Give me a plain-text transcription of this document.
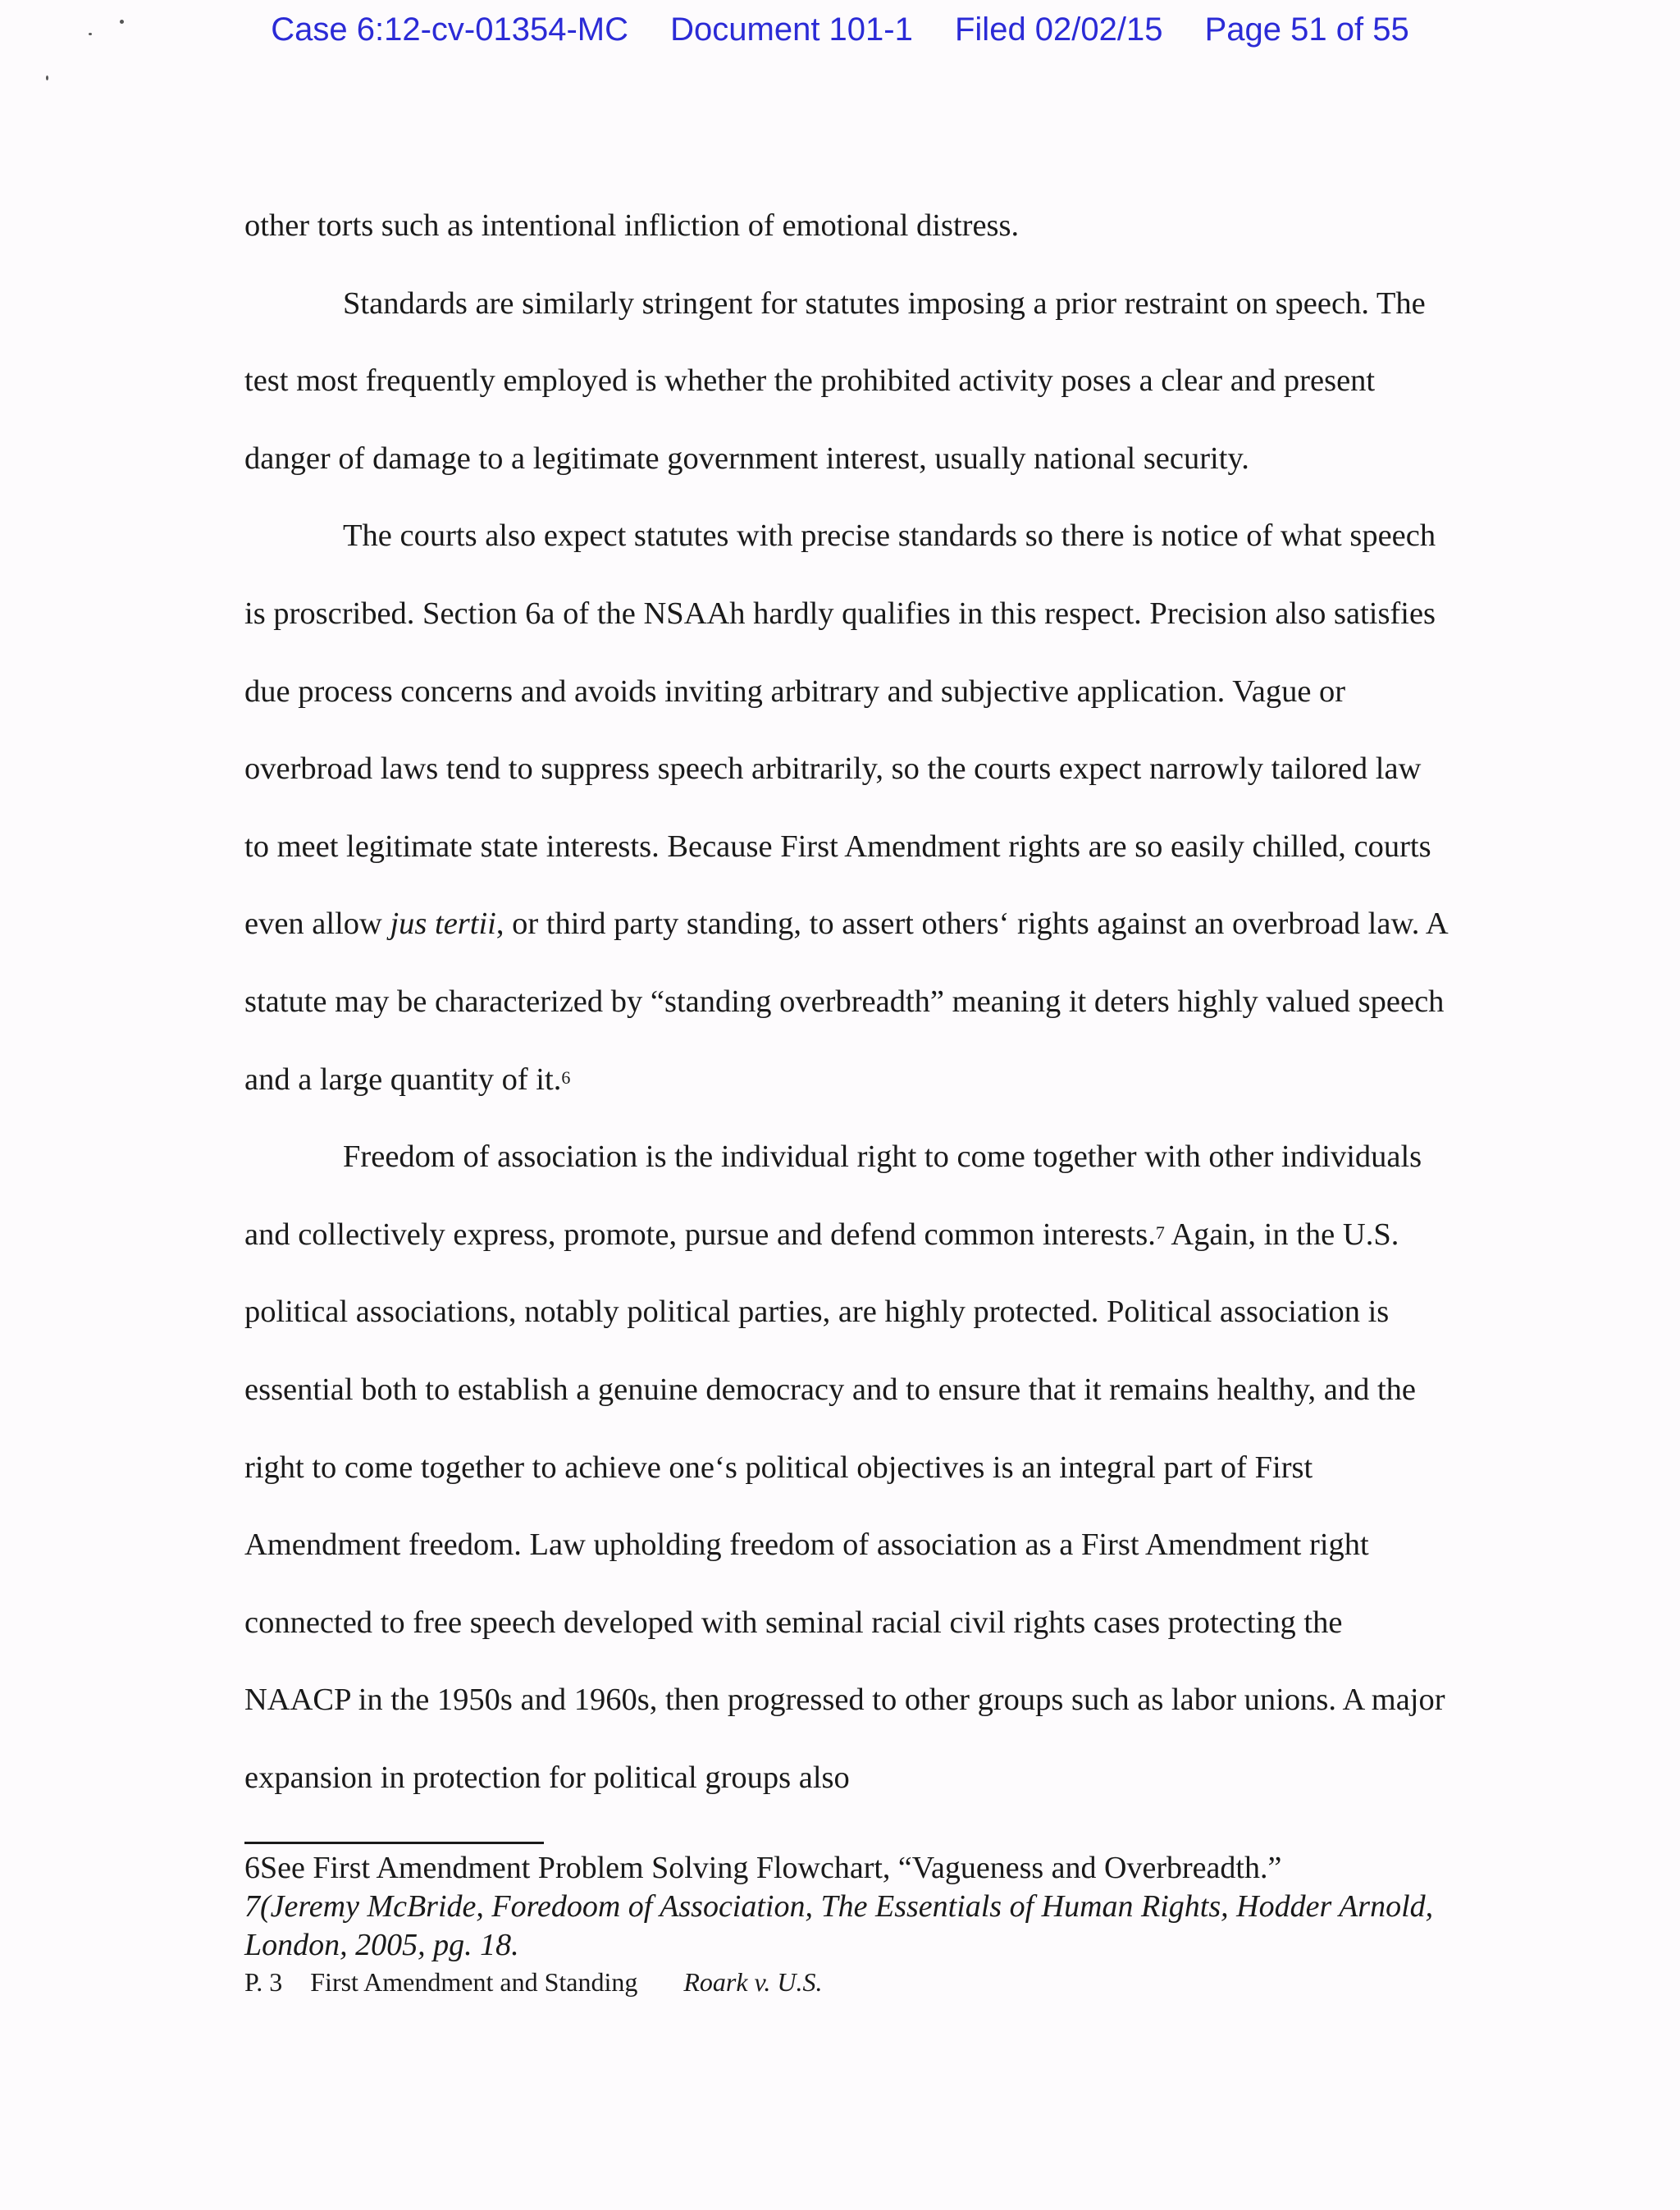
Case 6:12-cv-01354-MC Document 101-1 Filed 02/02/15 Page 51 of 55

other torts such as intentional infliction of emotional distress.

Standards are similarly stringent for statutes imposing a prior restraint on speech. The test most frequently employed is whether the prohibited activity poses a clear and present danger of damage to a legitimate government interest, usually national security.

The courts also expect statutes with precise standards so there is notice of what speech is proscribed. Section 6a of the NSAAh hardly qualifies in this respect. Precision also satisfies due process concerns and avoids inviting arbitrary and subjective application. Vague or overbroad laws tend to suppress speech arbitrarily, so the courts expect narrowly tailored law to meet legitimate state interests. Because First Amendment rights are so easily chilled, courts even allow jus tertii, or third party standing, to assert others‘ rights against an overbroad law. A statute may be characterized by “standing overbreadth” meaning it deters highly valued speech and a large quantity of it.$^6$

Freedom of association is the individual right to come together with other individuals and collectively express, promote, pursue and defend common interests.$^7$ Again, in the U.S. political associations, notably political parties, are highly protected. Political association is essential both to establish a genuine democracy and to ensure that it remains healthy, and the right to come together to achieve one‘s political objectives is an integral part of First Amendment freedom. Law upholding freedom of association as a First Amendment right connected to free speech developed with seminal racial civil rights cases protecting the NAACP in the 1950s and 1960s, then progressed to other groups such as labor unions. A major expansion in protection for political groups also

6See First Amendment Problem Solving Flowchart, “Vagueness and Overbreadth.”

7(Jeremy McBride, Foredoom of Association, The Essentials of Human Rights, Hodder Arnold, London, 2005, pg. 18.

P. 3 First Amendment and Standing Roark v. U.S.
